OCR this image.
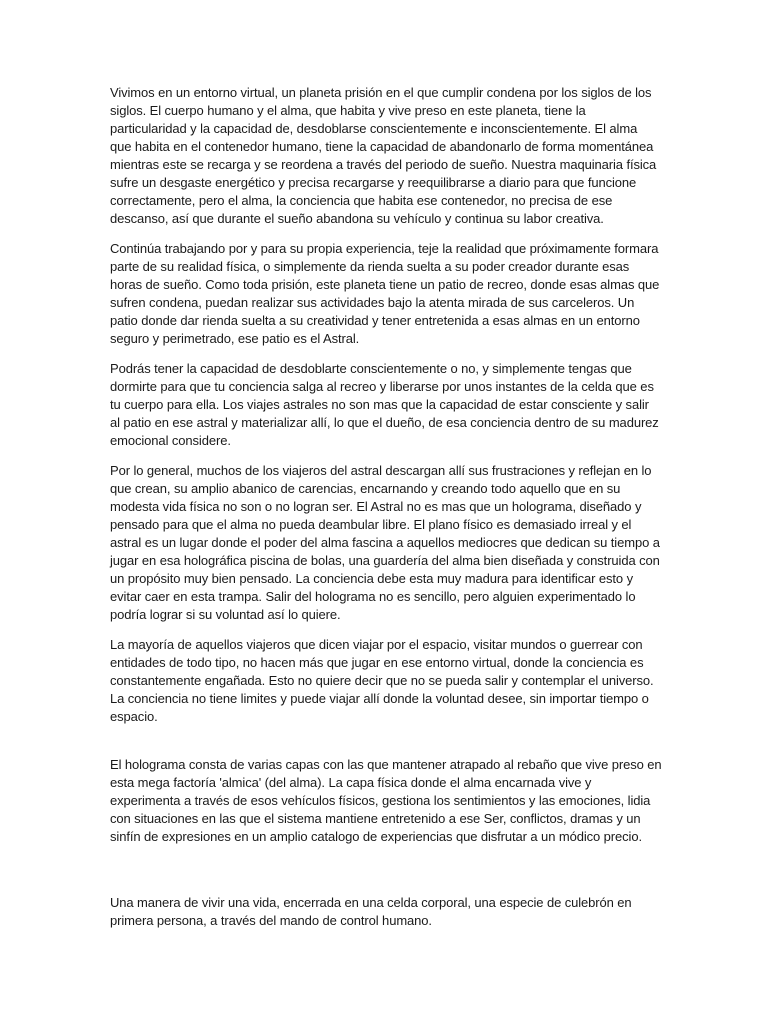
Vivimos en un entorno virtual, un planeta prisión en el que cumplir condena por los siglos de los siglos. El cuerpo humano y el alma, que habita y vive preso en este planeta, tiene la particularidad y la capacidad de, desdoblarse conscientemente e inconscientemente. El alma que habita en el contenedor humano, tiene la capacidad de abandonarlo de forma momentánea mientras este se recarga y se reordena a través del periodo de sueño. Nuestra maquinaria física sufre un desgaste energético y precisa recargarse y reequilibrarse a diario para que funcione correctamente, pero el alma, la conciencia que habita ese contenedor, no precisa de ese descanso, así que durante el sueño abandona su vehículo y continua su labor creativa.

Continúa trabajando por y para su propia experiencia, teje la realidad que próximamente formara parte de su realidad física, o simplemente da rienda suelta a su poder creador durante esas horas de sueño. Como toda prisión, este planeta tiene un patio de recreo, donde esas almas que sufren condena, puedan realizar sus actividades bajo la atenta mirada de sus carceleros. Un patio donde dar rienda suelta a su creatividad y tener entretenida a esas almas en un entorno seguro y perimetrado, ese patio es el Astral.

Podrás tener la capacidad de desdoblarte conscientemente o no, y simplemente tengas que dormirte para que tu conciencia salga al recreo y liberarse por unos instantes de la celda que es tu cuerpo para ella. Los viajes astrales no son mas que la capacidad de estar consciente y salir al patio en ese astral y materializar allí, lo que el dueño, de esa conciencia dentro de su madurez emocional considere.

Por lo general, muchos de los viajeros del astral descargan allí sus frustraciones y reflejan en lo que crean, su amplio abanico de carencias, encarnando y creando todo aquello que en su modesta vida física no son o no logran ser. El Astral no es mas que un holograma, diseñado y pensado para que el alma no pueda deambular libre. El plano físico es demasiado irreal y el astral es un lugar donde el poder del alma fascina a aquellos mediocres que dedican su tiempo a jugar en esa holográfica piscina de bolas, una guardería del alma bien diseñada y construida con un propósito muy bien pensado. La conciencia debe esta muy madura para identificar esto y evitar caer en esta trampa. Salir del holograma no es sencillo, pero alguien experimentado lo podría lograr si su voluntad así lo quiere.

La mayoría de aquellos viajeros que dicen viajar por el espacio, visitar mundos o guerrear con entidades de todo tipo, no hacen más que jugar en ese entorno virtual, donde la conciencia es constantemente engañada. Esto no quiere decir que no se pueda salir y contemplar el universo. La conciencia no tiene limites y puede viajar allí donde la voluntad desee, sin importar tiempo o espacio.

El holograma consta de varias capas con las que mantener atrapado al rebaño que vive preso en esta mega factoría 'almica' (del alma). La capa física donde el alma encarnada vive y experimenta a través de esos vehículos físicos, gestiona los sentimientos y las emociones, lidia con situaciones en las que el sistema mantiene entretenido a ese Ser, conflictos, dramas y un sinfín de expresiones en un amplio catalogo de experiencias que disfrutar a un módico precio.

Una manera de vivir una vida, encerrada en una celda corporal, una especie de culebrón en primera persona, a través del mando de control humano.
